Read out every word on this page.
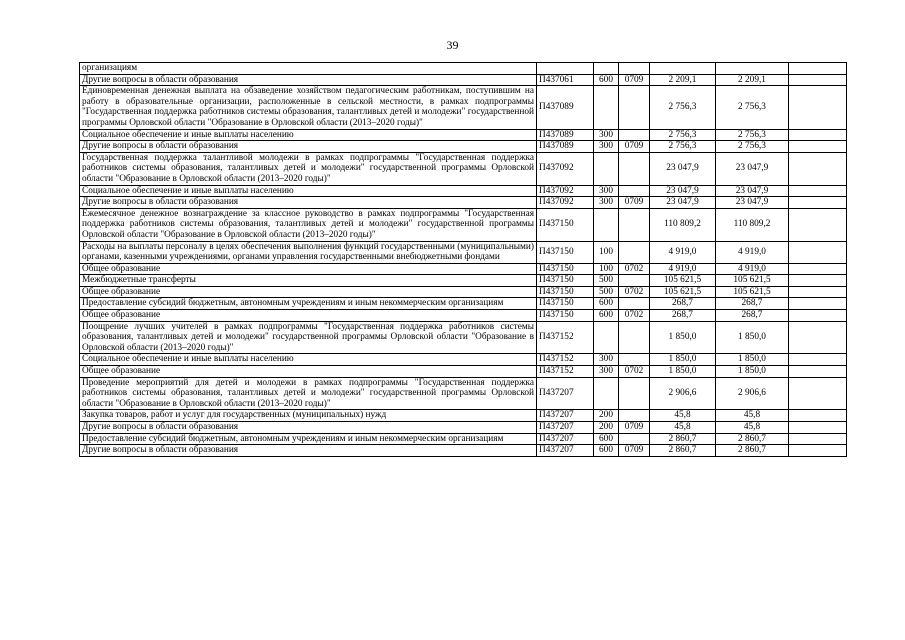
39
организациям						
Другие вопросы в области образования	П437061	600	0709	2 209,1	2 209,1	
Единовременная денежная выплата на обзаведение хозяйством педагогическим работникам, поступившим на работу в образовательные организации, расположенные в сельской местности, в рамках подпрограммы "Государственная поддержка работников системы образования, талантливых детей и молодежи" государственной программы Орловской области "Образование в Орловской области (2013–2020 годы)"	П437089			2 756,3	2 756,3	
Социальное обеспечение и иные выплаты населению	П437089	300		2 756,3	2 756,3	
Другие вопросы в области образования	П437089	300	0709	2 756,3	2 756,3	
Государственная поддержка талантливой молодежи в рамках подпрограммы "Государственная поддержка работников системы образования, талантливых детей и молодежи" государственной программы Орловской области "Образование в Орловской области (2013–2020 годы)"	П437092			23 047,9	23 047,9	
Социальное обеспечение и иные выплаты населению	П437092	300		23 047,9	23 047,9	
Другие вопросы в области образования	П437092	300	0709	23 047,9	23 047,9	
Ежемесячное денежное вознаграждение за классное руководство в рамках подпрограммы "Государственная поддержка работников системы образования, талантливых детей и молодежи" государственной программы Орловской области "Образование в Орловской области (2013–2020 годы)"	П437150			110 809,2	110 809,2	
Расходы на выплаты персоналу в целях обеспечения выполнения функций государственными (муниципальными) органами, казенными учреждениями, органами управления государственными внебюджетными фондами	П437150	100		4 919,0	4 919,0	
Общее образование	П437150	100	0702	4 919,0	4 919,0	
Межбюджетные трансферты	П437150	500		105 621,5	105 621,5	
Общее образование	П437150	500	0702	105 621,5	105 621,5	
Предоставление субсидий бюджетным, автономным учреждениям и иным некоммерческим организациям	П437150	600		268,7	268,7	
Общее образование	П437150	600	0702	268,7	268,7	
Поощрение лучших учителей в рамках подпрограммы "Государственная поддержка работников системы образования, талантливых детей и молодежи" государственной программы Орловской области "Образование в Орловской области (2013–2020 годы)"	П437152			1 850,0	1 850,0	
Социальное обеспечение и иные выплаты населению	П437152	300		1 850,0	1 850,0	
Общее образование	П437152	300	0702	1 850,0	1 850,0	
Проведение мероприятий для детей и молодежи в рамках подпрограммы "Государственная поддержка работников системы образования, талантливых детей и молодежи" государственной программы Орловской области "Образование в Орловской области (2013–2020 годы)"	П437207			2 906,6	2 906,6	
Закупка товаров, работ и услуг для государственных (муниципальных) нужд	П437207	200		45,8	45,8	
Другие вопросы в области образования	П437207	200	0709	45,8	45,8	
Предоставление субсидий бюджетным, автономным учреждениям и иным некоммерческим организациям	П437207	600		2 860,7	2 860,7	
Другие вопросы в области образования	П437207	600	0709	2 860,7	2 860,7	
